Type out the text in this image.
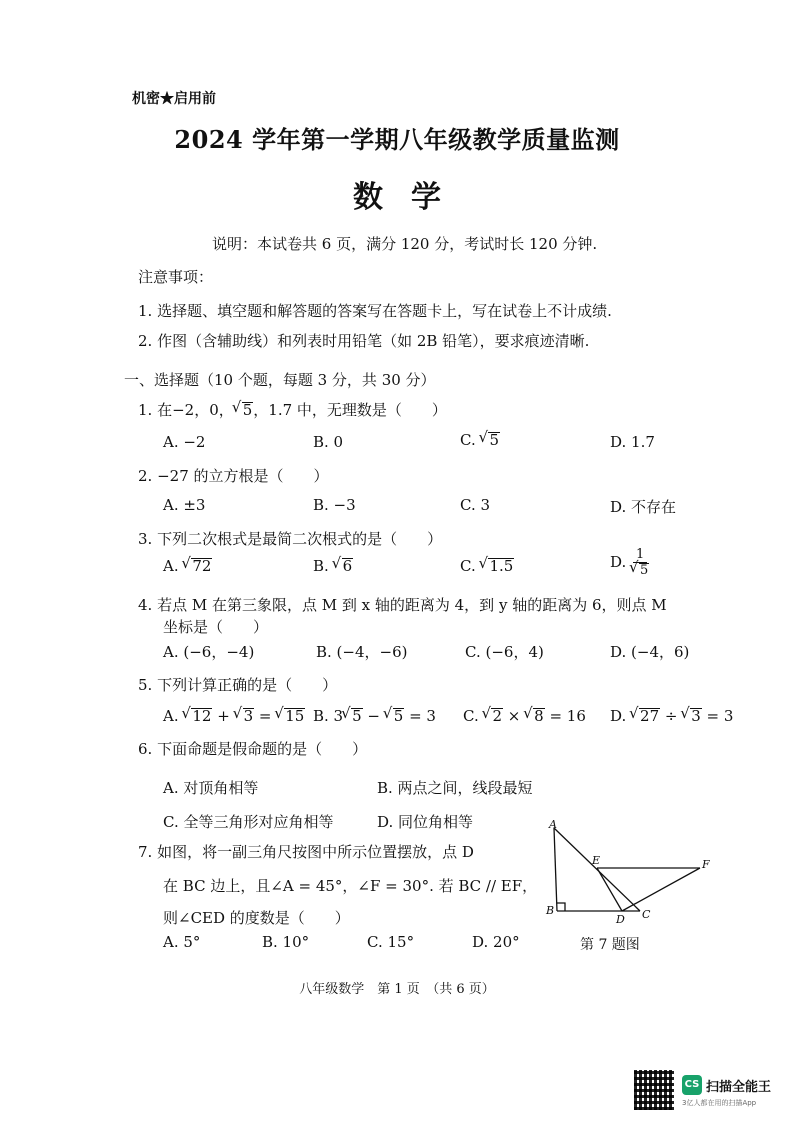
机密★启用前
2024 学年第一学期八年级教学质量监测
数学
说明：本试卷共 6 页，满分 120 分，考试时长 120 分钟.
注意事项：
1. 选择题、填空题和解答题的答案写在答题卡上，写在试卷上不计成绩.
2. 作图（含辅助线）和列表时用铅笔（如 2B 铅笔），要求痕迹清晰.
一、选择题（10 个题，每题 3 分，共 30 分）
1. 在−2，0， √ 5，1.7 中，无理数是（　　）
A. −2	B. 0	C. √ 5	D. 1.7
2. −27 的立方根是（　　）
A. ±3	B. −3	C. 3	D. 不存在
3. 下列二次根式是最简二次根式的是（　　）
A. √ 72	B. √ 6	C. √ 1.5	D. 1
√ 5
4. 若点 M 在第三象限，点 M 到 x 轴的距离为 4，到 y 轴的距离为 6，则点 M
坐标是（　　）
A. (−6，−4)	B. (−4，−6)	C. (−6，4)	D. (−4，6)
5. 下列计算正确的是（　　）
A. √ 12 + √ 3 = √ 15 B. 3 √ 5 − √ 5 = 3 C. √ 2 × √ 8 = 16 D. √ 27 ÷ √ 3 = 3
6. 下面命题是假命题的是（　　）
A. 对顶角相等	B. 两点之间，线段最短
C. 全等三角形对应角相等	D. 同位角相等
7. 如图，将一副三角尺按图中所示位置摆放，点 D
在 BC 边上，且∠A = 45°，∠F = 30°. 若 BC // EF，
则∠CED 的度数是（　　）
A. 5°	B. 10°	C. 15°	D. 20°
A
E	F
B
D C
第 7 题图
八年级数学　第 1 页　（共 6 页）
CS 扫描全能王
3亿人都在用的扫描App
